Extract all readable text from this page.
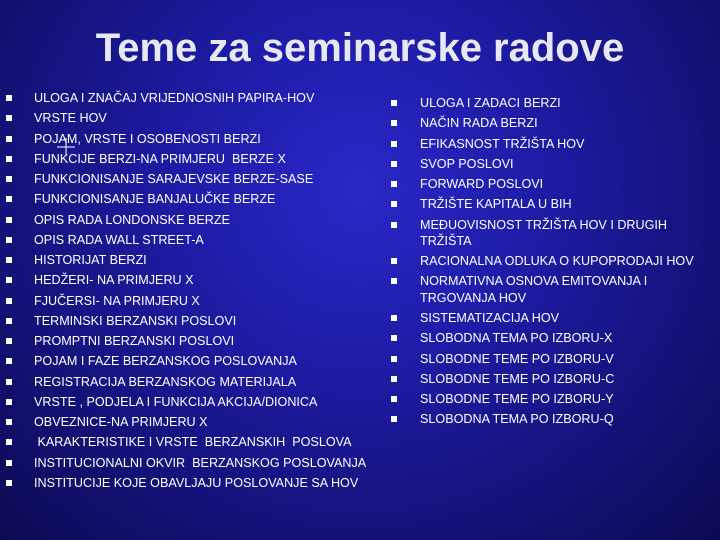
Teme za seminarske radove
ULOGA I ZNAČAJ VRIJEDNOSNIH PAPIRA-HOV
VRSTE HOV
POJAM, VRSTE I OSOBENOSTI BERZI
FUNKCIJE BERZI-NA PRIMJERU  BERZE X
FUNKCIONISANJE SARAJEVSKE BERZE-SASE
FUNKCIONISANJE BANJALUČKE BERZE
OPIS RADA LONDONSKE BERZE
OPIS RADA WALL STREET-A
HISTORIJAT BERZI
HEDŽERI- NA PRIMJERU X
FJUČERSI- NA PRIMJERU X
TERMINSKI BERZANSKI POSLOVI
PROMPTNI BERZANSKI POSLOVI
POJAM I FAZE BERZANSKOG POSLOVANJA
REGISTRACIJA BERZANSKOG MATERIJALA
VRSTE , PODJELA I FUNKCIJA AKCIJA/DIONICA
OBVEZNICE-NA PRIMJERU X
KARAKTERISTIKE I VRSTE  BERZANSKIH  POSLOVA
INSTITUCIONALNI OKVIR  BERZANSKOG POSLOVANJA
INSTITUCIJE KOJE OBAVLJAJU POSLOVANJE SA HOV
ULOGA I ZADACI BERZI
NAČIN RADA BERZI
EFIKASNOST TRŽIŠTA HOV
SVOP POSLOVI
FORWARD POSLOVI
TRŽIŠTE KAPITALA U BIH
MEĐUOVISNOST TRŽIŠTA HOV I DRUGIH TRŽIŠTA
RACIONALNA ODLUKA O KUPOPRODAJI HOV
NORMATIVNA OSNOVA EMITOVANJA I TRGOVANJA HOV
SISTEMATIZACIJA HOV
SLOBODNA TEMA PO IZBORU-X
SLOBODNE TEME PO IZBORU-V
SLOBODNE TEME PO IZBORU-C
SLOBODNE TEME PO IZBORU-Y
SLOBODNA TEMA PO IZBORU-Q
